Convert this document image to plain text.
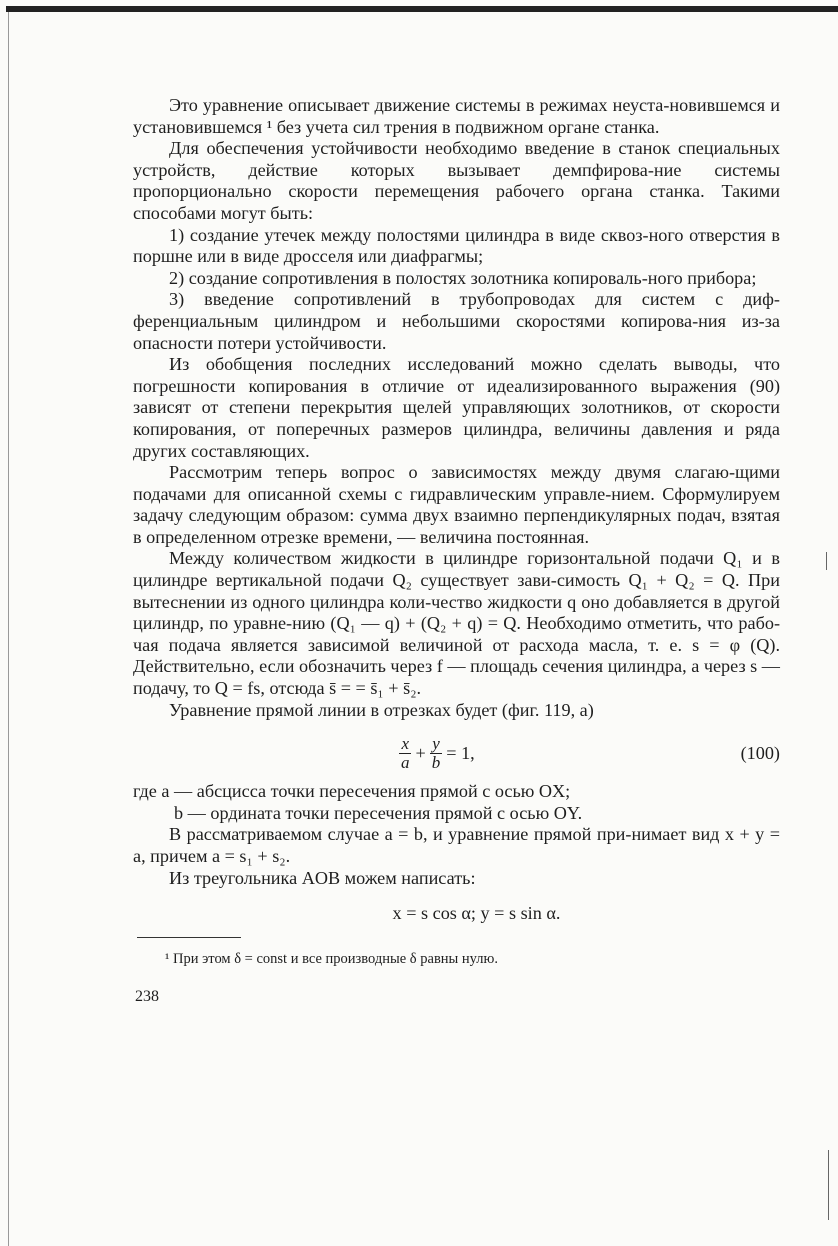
Это уравнение описывает движение системы в режимах неуста-новившемся и установившемся ¹ без учета сил трения в подвижном органе станка.

Для обеспечения устойчивости необходимо введение в станок специальных устройств, действие которых вызывает демпфирова-ние системы пропорционально скорости перемещения рабочего органа станка. Такими способами могут быть:

1) создание утечек между полостями цилиндра в виде сквоз-ного отверстия в поршне или в виде дросселя или диафрагмы;

2) создание сопротивления в полостях золотника копироваль-ного прибора;

3) введение сопротивлений в трубопроводах для систем с диф-ференциальным цилиндром и небольшими скоростями копирова-ния из-за опасности потери устойчивости.

Из обобщения последних исследований можно сделать выводы, что погрешности копирования в отличие от идеализированного выражения (90) зависят от степени перекрытия щелей управляющих золотников, от скорости копирования, от поперечных размеров цилиндра, величины давления и ряда других составляющих.

Рассмотрим теперь вопрос о зависимостях между двумя слагаю-щими подачами для описанной схемы с гидравлическим управле-нием. Сформулируем задачу следующим образом: сумма двух взаимно перпендикулярных подач, взятая в определенном отрезке времени, — величина постоянная.

Между количеством жидкости в цилиндре горизонтальной подачи Q₁ и в цилиндре вертикальной подачи Q₂ существует зави-симость Q₁ + Q₂ = Q. При вытеснении из одного цилиндра коли-чество жидкости q оно добавляется в другой цилиндр, по уравне-нию (Q₁ — q) + (Q₂ + q) = Q. Необходимо отметить, что рабо-чая подача является зависимой величиной от расхода масла, т. е. s = φ (Q). Действительно, если обозначить через f — площадь сечения цилиндра, а через s — подачу, то Q = fs, отсюда s̄ = = s̄₁ + s̄₂.

Уравнение прямой линии в отрезках будет (фиг. 119, а)

$\frac{x}{a} + \frac{y}{b} = 1$,	(100)

где a — абсцисса точки пересечения прямой с осью OX;

b — ордината точки пересечения прямой с осью OY.

В рассматриваемом случае a = b, и уравнение прямой при-нимает вид x + y = a, причем a = s₁ + s₂.

Из треугольника AOB можем написать:

x = s cos α; y = s sin α.

¹ При этом δ = const и все производные δ равны нулю.

238
